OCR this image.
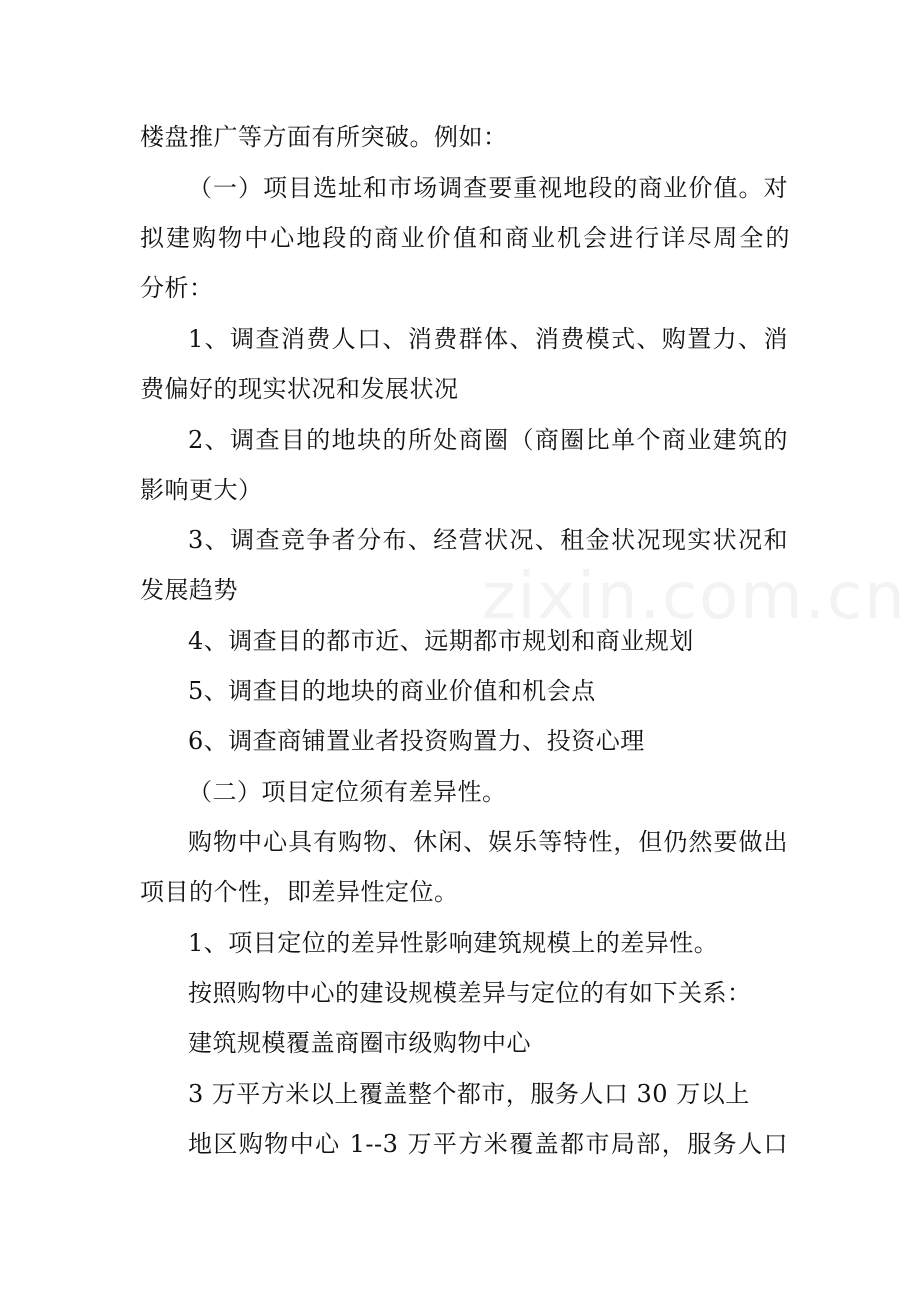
zixin.com.cn
楼盘推广等方面有所突破。例如：
（一）项目选址和市场调查要重视地段的商业价值。对
拟建购物中心地段的商业价值和商业机会进行详尽周全的
分析：
1、调查消费人口、消费群体、消费模式、购置力、消
费偏好的现实状况和发展状况
2、调查目的地块的所处商圈（商圈比单个商业建筑的
影响更大）
3、调查竞争者分布、经营状况、租金状况现实状况和
发展趋势
4、调查目的都市近、远期都市规划和商业规划
5、调查目的地块的商业价值和机会点
6、调查商铺置业者投资购置力、投资心理
（二）项目定位须有差异性。
购物中心具有购物、休闲、娱乐等特性，但仍然要做出
项目的个性，即差异性定位。
1、项目定位的差异性影响建筑规模上的差异性。
按照购物中心的建设规模差异与定位的有如下关系：
建筑规模覆盖商圈市级购物中心
3 万平方米以上覆盖整个都市，服务人口 30 万以上
地区购物中心 1--3 万平方米覆盖都市局部，服务人口
